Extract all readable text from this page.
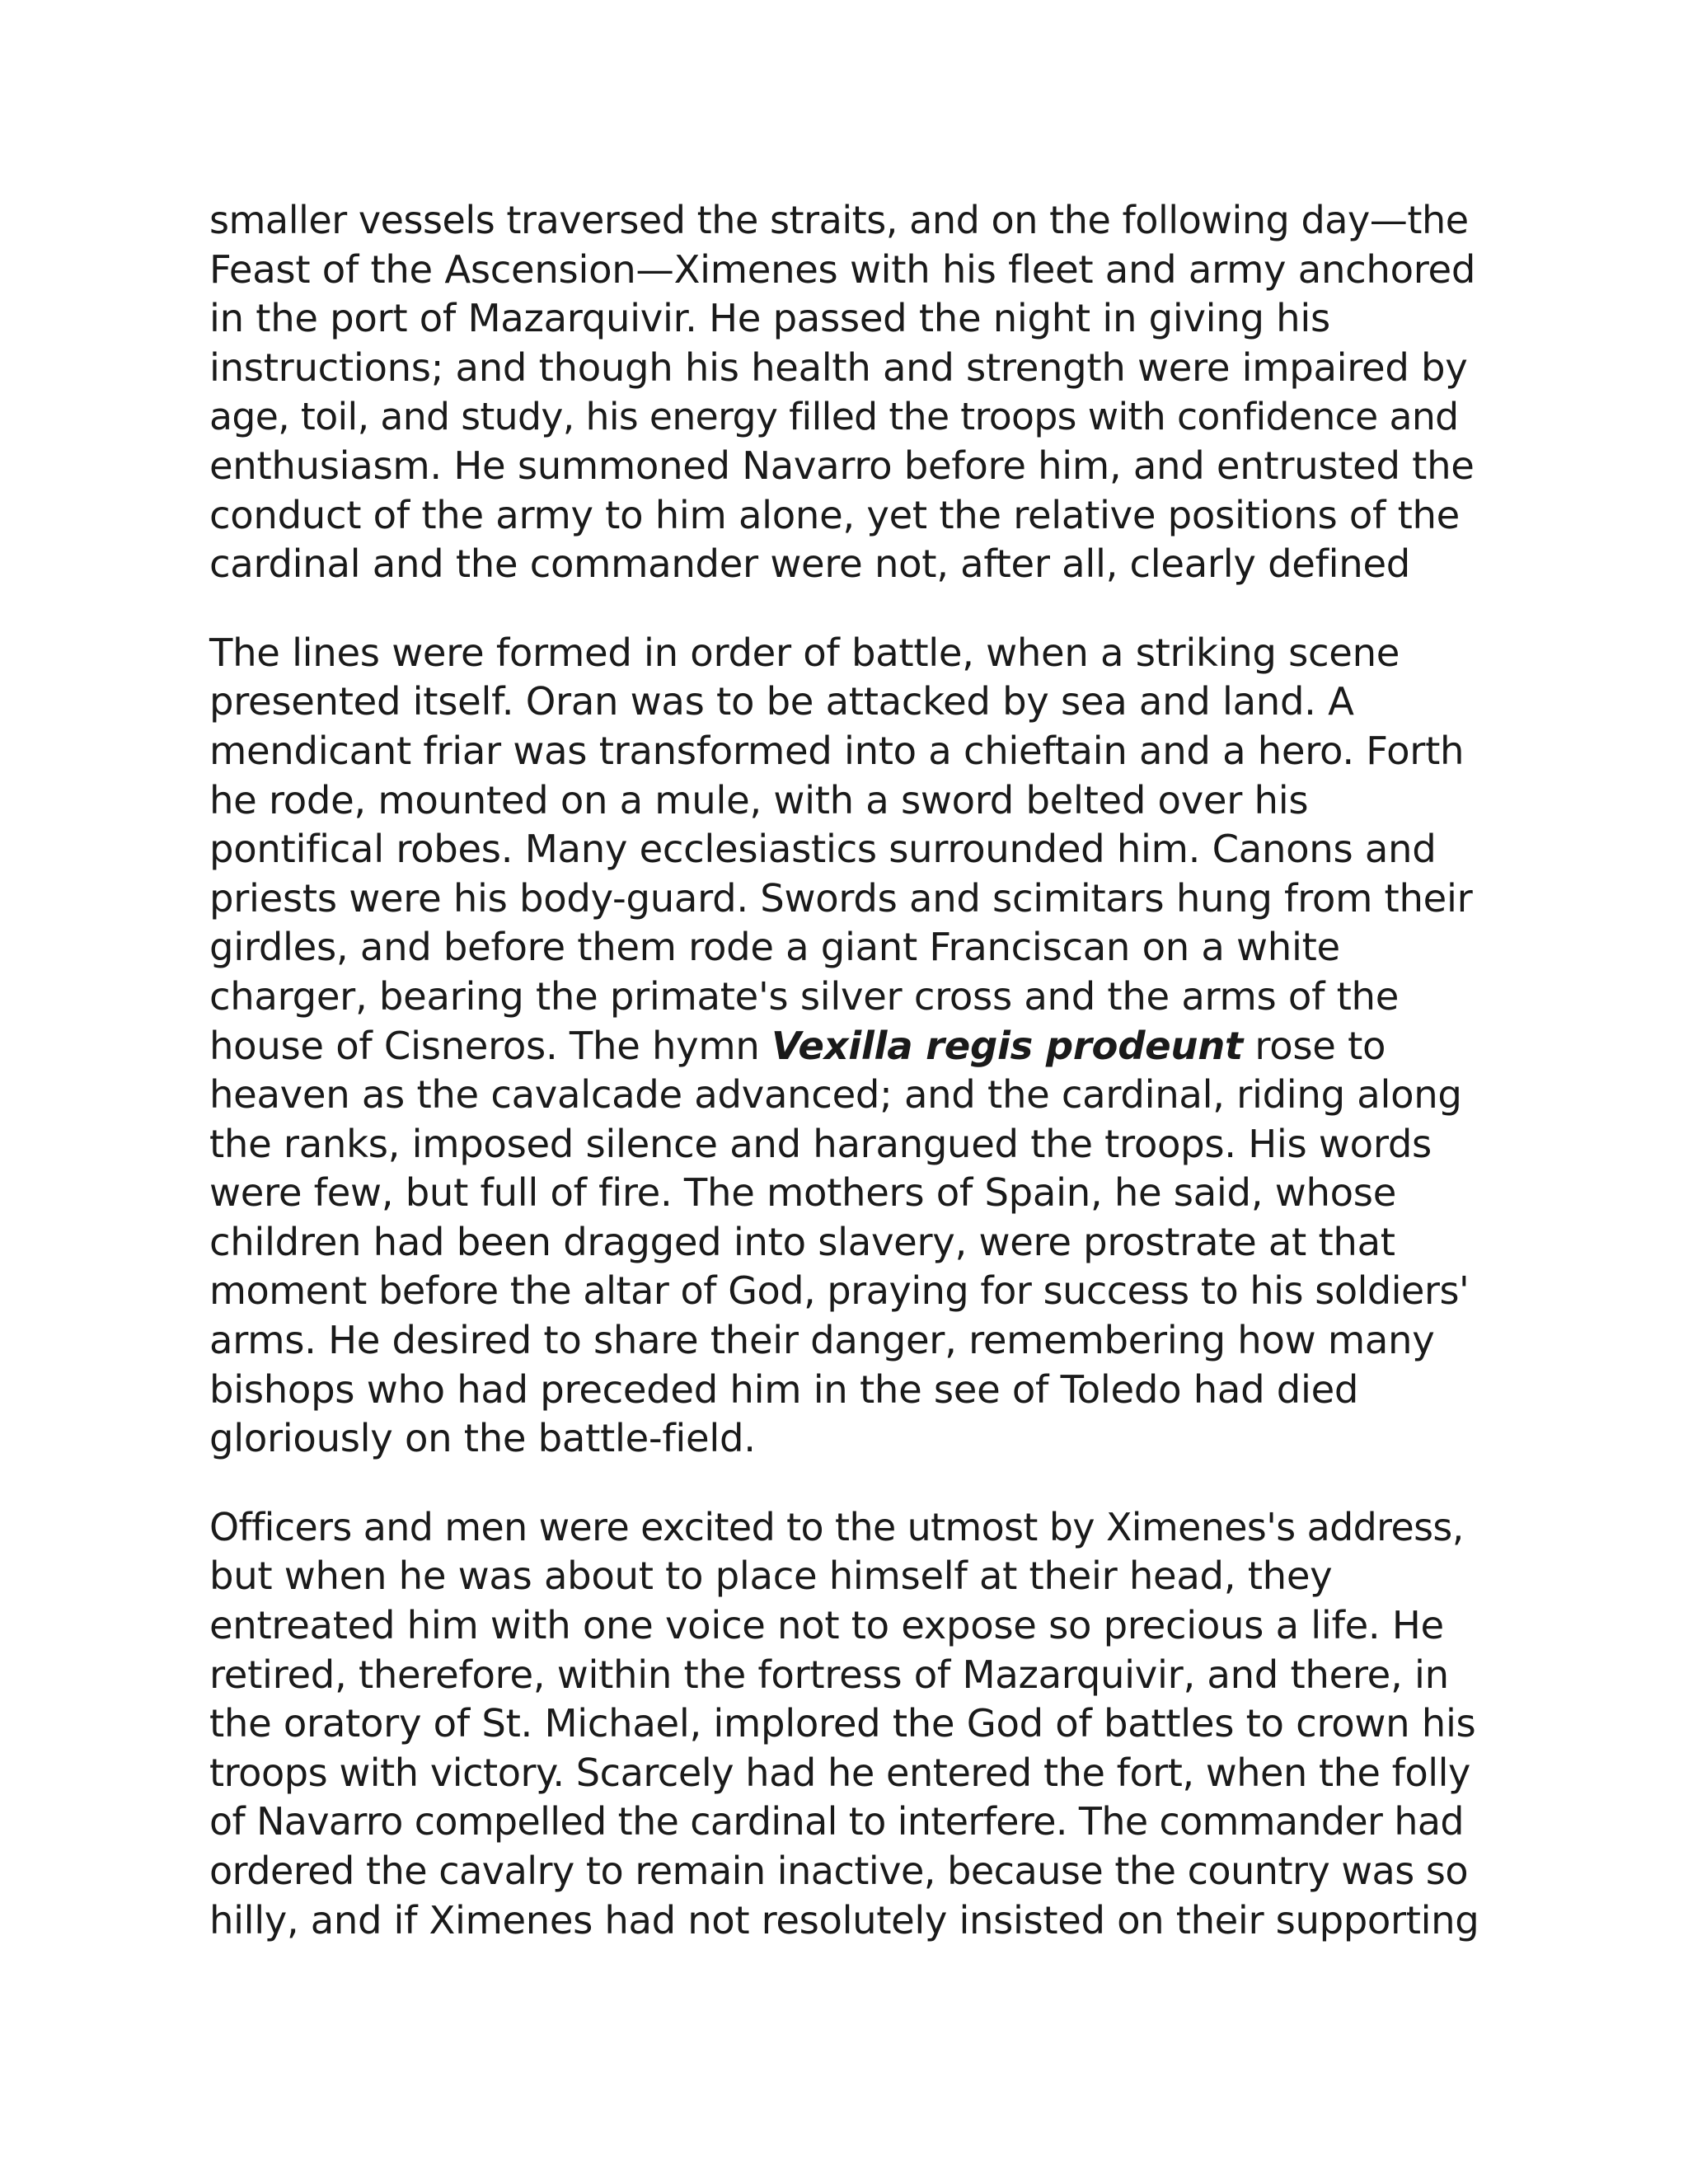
smaller vessels traversed the straits, and on the following day—the
Feast of the Ascension—Ximenes with his fleet and army anchored
in the port of Mazarquivir. He passed the night in giving his
instructions; and though his health and strength were impaired by
age, toil, and study, his energy filled the troops with confidence and
enthusiasm. He summoned Navarro before him, and entrusted the
conduct of the army to him alone, yet the relative positions of the
cardinal and the commander were not, after all, clearly defined
The lines were formed in order of battle, when a striking scene
presented itself. Oran was to be attacked by sea and land. A
mendicant friar was transformed into a chieftain and a hero. Forth
he rode, mounted on a mule, with a sword belted over his
pontifical robes. Many ecclesiastics surrounded him. Canons and
priests were his body-guard. Swords and scimitars hung from their
girdles, and before them rode a giant Franciscan on a white
charger, bearing the primate's silver cross and the arms of the
house of Cisneros. The hymn Vexilla regis prodeunt rose to
heaven as the cavalcade advanced; and the cardinal, riding along
the ranks, imposed silence and harangued the troops. His words
were few, but full of fire. The mothers of Spain, he said, whose
children had been dragged into slavery, were prostrate at that
moment before the altar of God, praying for success to his soldiers'
arms. He desired to share their danger, remembering how many
bishops who had preceded him in the see of Toledo had died
gloriously on the battle-field.
Officers and men were excited to the utmost by Ximenes's address,
but when he was about to place himself at their head, they
entreated him with one voice not to expose so precious a life. He
retired, therefore, within the fortress of Mazarquivir, and there, in
the oratory of St. Michael, implored the God of battles to crown his
troops with victory. Scarcely had he entered the fort, when the folly
of Navarro compelled the cardinal to interfere. The commander had
ordered the cavalry to remain inactive, because the country was so
hilly, and if Ximenes had not resolutely insisted on their supporting
